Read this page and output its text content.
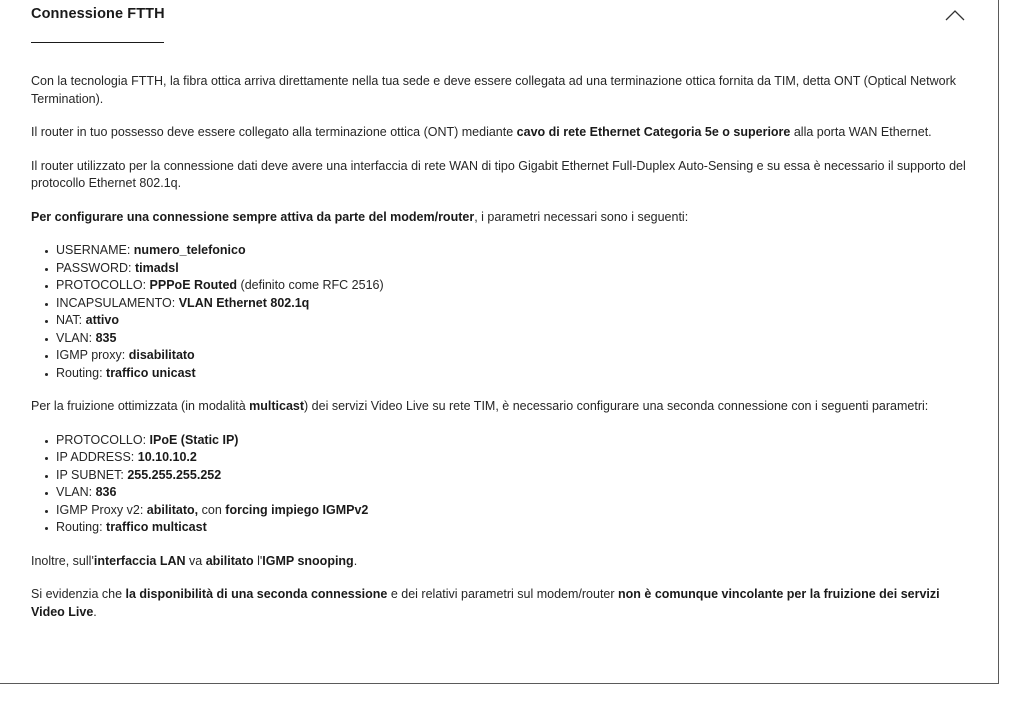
Connessione FTTH

Con la tecnologia FTTH, la fibra ottica arriva direttamente nella tua sede e deve essere collegata ad una terminazione ottica fornita da TIM, detta ONT (Optical Network Termination).

Il router in tuo possesso deve essere collegato alla terminazione ottica (ONT) mediante cavo di rete Ethernet Categoria 5e o superiore alla porta WAN Ethernet.

Il router utilizzato per la connessione dati deve avere una interfaccia di rete WAN di tipo Gigabit Ethernet Full-Duplex Auto-Sensing e su essa è necessario il supporto del protocollo Ethernet 802.1q.

Per configurare una connessione sempre attiva da parte del modem/router, i parametri necessari sono i seguenti:

USERNAME: numero_telefonico
PASSWORD: timadsl
PROTOCOLLO: PPPoE Routed (definito come RFC 2516)
INCAPSULAMENTO: VLAN Ethernet 802.1q
NAT: attivo
VLAN: 835
IGMP proxy: disabilitato
Routing: traffico unicast

Per la fruizione ottimizzata (in modalità multicast) dei servizi Video Live su rete TIM, è necessario configurare una seconda connessione con i seguenti parametri:

PROTOCOLLO: IPoE (Static IP)
IP ADDRESS: 10.10.10.2
IP SUBNET: 255.255.255.252
VLAN: 836
IGMP Proxy v2: abilitato, con forcing impiego IGMPv2
Routing: traffico multicast

Inoltre, sull'interfaccia LAN va abilitato l'IGMP snooping.

Si evidenzia che la disponibilità di una seconda connessione e dei relativi parametri sul modem/router non è comunque vincolante per la fruizione dei servizi Video Live.
